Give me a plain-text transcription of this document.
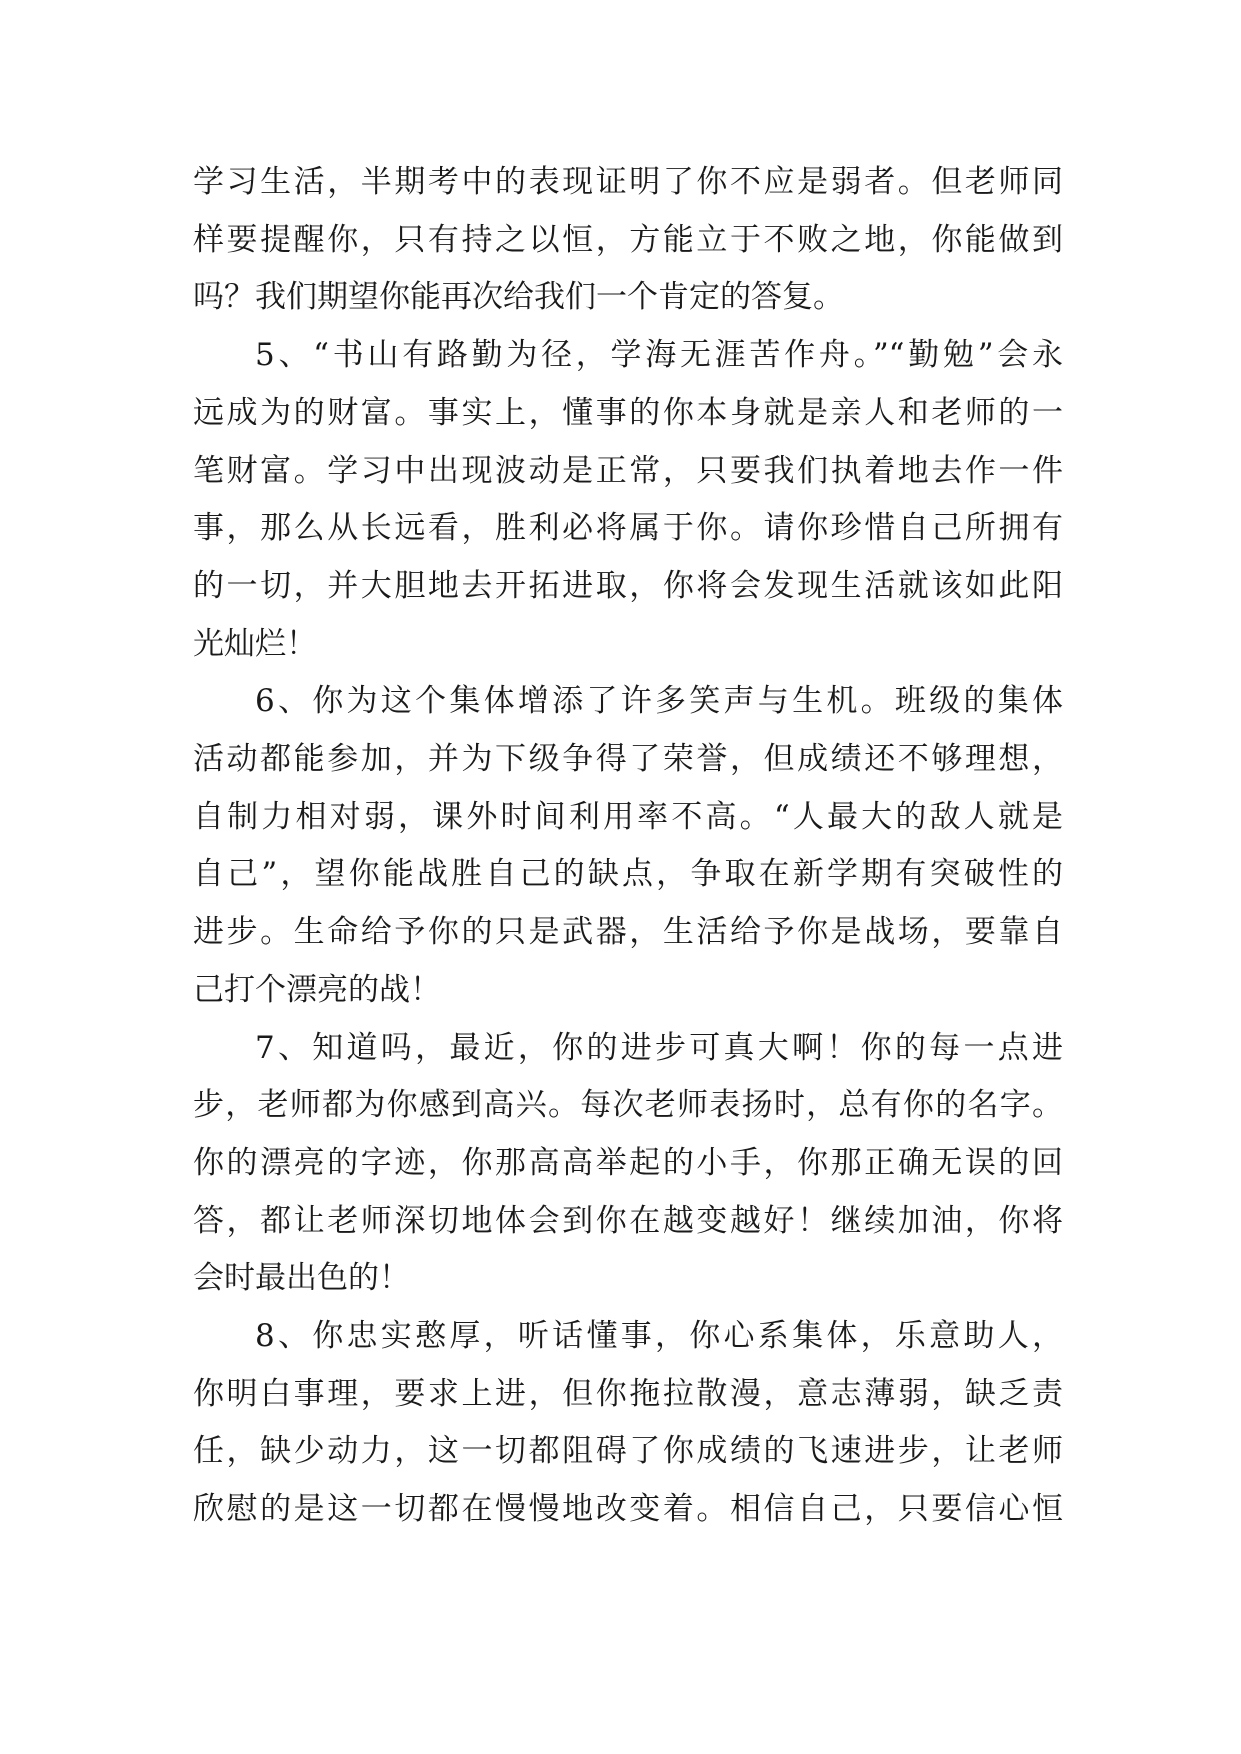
学习生活，半期考中的表现证明了你不应是弱者。但老师同
样要提醒你，只有持之以恒，方能立于不败之地，你能做到
吗？我们期望你能再次给我们一个肯定的答复。
5、“书山有路勤为径，学海无涯苦作舟。”“勤勉”会永
远成为的财富。事实上，懂事的你本身就是亲人和老师的一
笔财富。学习中出现波动是正常，只要我们执着地去作一件
事，那么从长远看，胜利必将属于你。请你珍惜自己所拥有
的一切，并大胆地去开拓进取，你将会发现生活就该如此阳
光灿烂！
6、你为这个集体增添了许多笑声与生机。班级的集体
活动都能参加，并为下级争得了荣誉，但成绩还不够理想，
自制力相对弱，课外时间利用率不高。“人最大的敌人就是
自己”，望你能战胜自己的缺点，争取在新学期有突破性的
进步。生命给予你的只是武器，生活给予你是战场，要靠自
己打个漂亮的战！
7、知道吗，最近，你的进步可真大啊！你的每一点进
步，老师都为你感到高兴。每次老师表扬时，总有你的名字。
你的漂亮的字迹，你那高高举起的小手，你那正确无误的回
答，都让老师深切地体会到你在越变越好！继续加油，你将
会时最出色的！
8、你忠实憨厚，听话懂事，你心系集体，乐意助人，
你明白事理，要求上进，但你拖拉散漫，意志薄弱，缺乏责
任，缺少动力，这一切都阻碍了你成绩的飞速进步，让老师
欣慰的是这一切都在慢慢地改变着。相信自己，只要信心恒
